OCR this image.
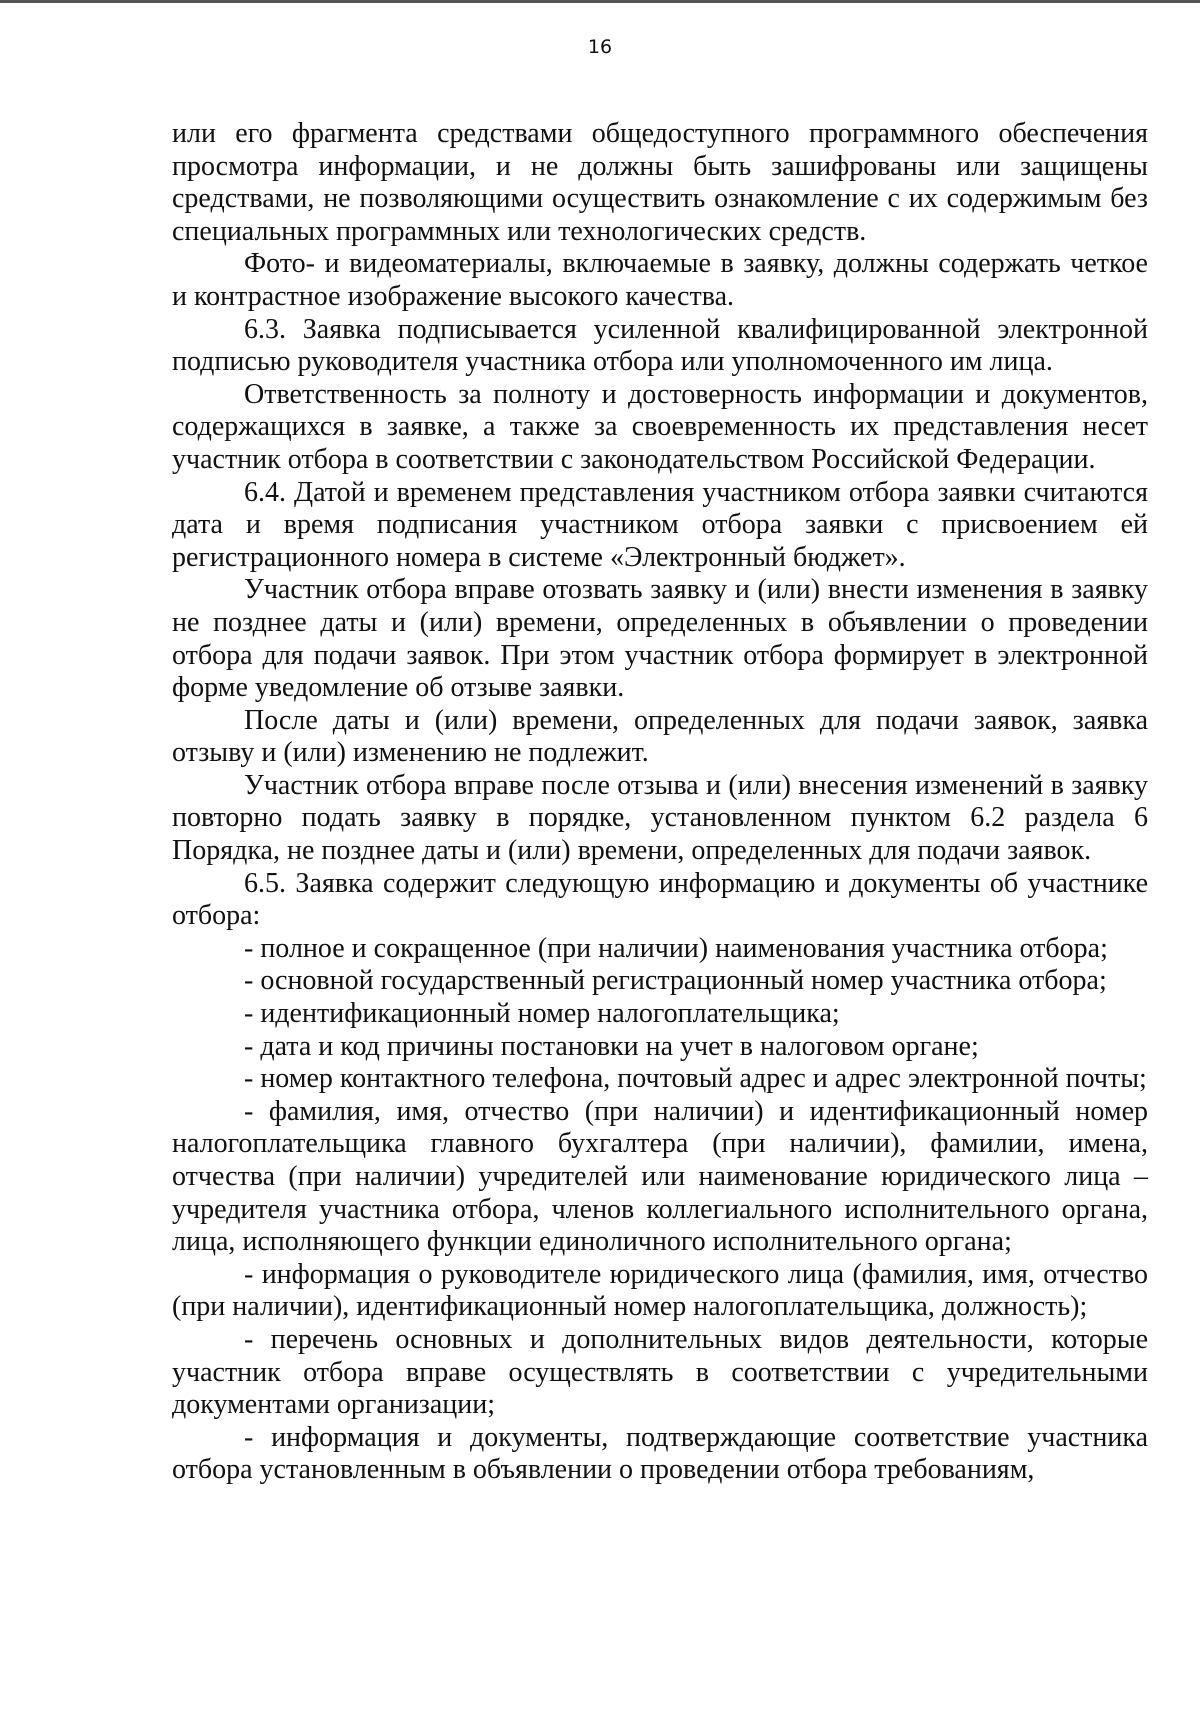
16

или его фрагмента средствами общедоступного программного обеспечения просмотра информации, и не должны быть зашифрованы или защищены средствами, не позволяющими осуществить ознакомление с их содержимым без специальных программных или технологических средств.

Фото- и видеоматериалы, включаемые в заявку, должны содержать четкое и контрастное изображение высокого качества.

6.3. Заявка подписывается усиленной квалифицированной электронной подписью руководителя участника отбора или уполномоченного им лица.

Ответственность за полноту и достоверность информации и документов, содержащихся в заявке, а также за своевременность их представления несет участник отбора в соответствии с законодательством Российской Федерации.

6.4. Датой и временем представления участником отбора заявки считаются дата и время подписания участником отбора заявки с присвоением ей регистрационного номера в системе «Электронный бюджет».

Участник отбора вправе отозвать заявку и (или) внести изменения в заявку не позднее даты и (или) времени, определенных в объявлении о проведении отбора для подачи заявок. При этом участник отбора формирует в электронной форме уведомление об отзыве заявки.

После даты и (или) времени, определенных для подачи заявок, заявка отзыву и (или) изменению не подлежит.

Участник отбора вправе после отзыва и (или) внесения изменений в заявку повторно подать заявку в порядке, установленном пунктом 6.2 раздела 6 Порядка, не позднее даты и (или) времени, определенных для подачи заявок.

6.5. Заявка содержит следующую информацию и документы об участнике отбора:

- полное и сокращенное (при наличии) наименования участника отбора;

- основной государственный регистрационный номер участника отбора;

- идентификационный номер налогоплательщика;

- дата и код причины постановки на учет в налоговом органе;

- номер контактного телефона, почтовый адрес и адрес электронной почты;

- фамилия, имя, отчество (при наличии) и идентификационный номер налогоплательщика главного бухгалтера (при наличии), фамилии, имена, отчества (при наличии) учредителей или наименование юридического лица – учредителя участника отбора, членов коллегиального исполнительного органа, лица, исполняющего функции единоличного исполнительного органа;

- информация о руководителе юридического лица (фамилия, имя, отчество (при наличии), идентификационный номер налогоплательщика, должность);

- перечень основных и дополнительных видов деятельности, которые участник отбора вправе осуществлять в соответствии с учредительными документами организации;

- информация и документы, подтверждающие соответствие участника отбора установленным в объявлении о проведении отбора требованиям,
